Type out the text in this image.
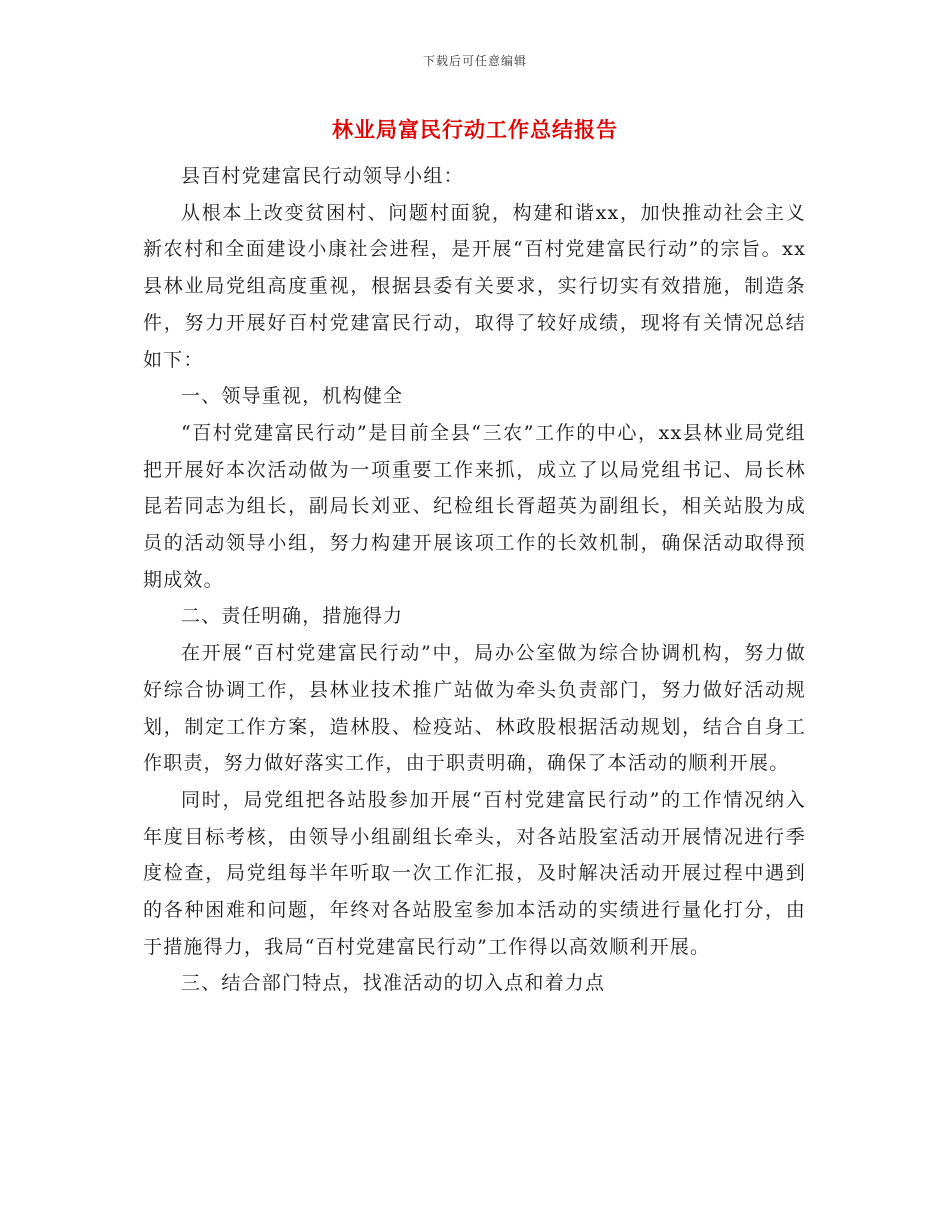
下载后可任意编辑
林业局富民行动工作总结报告

县百村党建富民行动领导小组：

从根本上改变贫困村、问题村面貌，构建和谐xx，加快推动社会主义新农村和全面建设小康社会进程，是开展“百村党建富民行动”的宗旨。xx县林业局党组高度重视，根据县委有关要求，实行切实有效措施，制造条件，努力开展好百村党建富民行动，取得了较好成绩，现将有关情况总结如下：

一、领导重视，机构健全

“百村党建富民行动”是目前全县“三农”工作的中心，xx县林业局党组把开展好本次活动做为一项重要工作来抓，成立了以局党组书记、局长林昆若同志为组长，副局长刘亚、纪检组长胥超英为副组长，相关站股为成员的活动领导小组，努力构建开展该项工作的长效机制，确保活动取得预期成效。

二、责任明确，措施得力

在开展“百村党建富民行动”中，局办公室做为综合协调机构，努力做好综合协调工作，县林业技术推广站做为牵头负责部门，努力做好活动规划，制定工作方案，造林股、检疫站、林政股根据活动规划，结合自身工作职责，努力做好落实工作，由于职责明确，确保了本活动的顺利开展。

同时，局党组把各站股参加开展“百村党建富民行动”的工作情况纳入年度目标考核，由领导小组副组长牵头，对各站股室活动开展情况进行季度检查，局党组每半年听取一次工作汇报，及时解决活动开展过程中遇到的各种困难和问题，年终对各站股室参加本活动的实绩进行量化打分，由于措施得力，我局“百村党建富民行动”工作得以高效顺利开展。

三、结合部门特点，找准活动的切入点和着力点
